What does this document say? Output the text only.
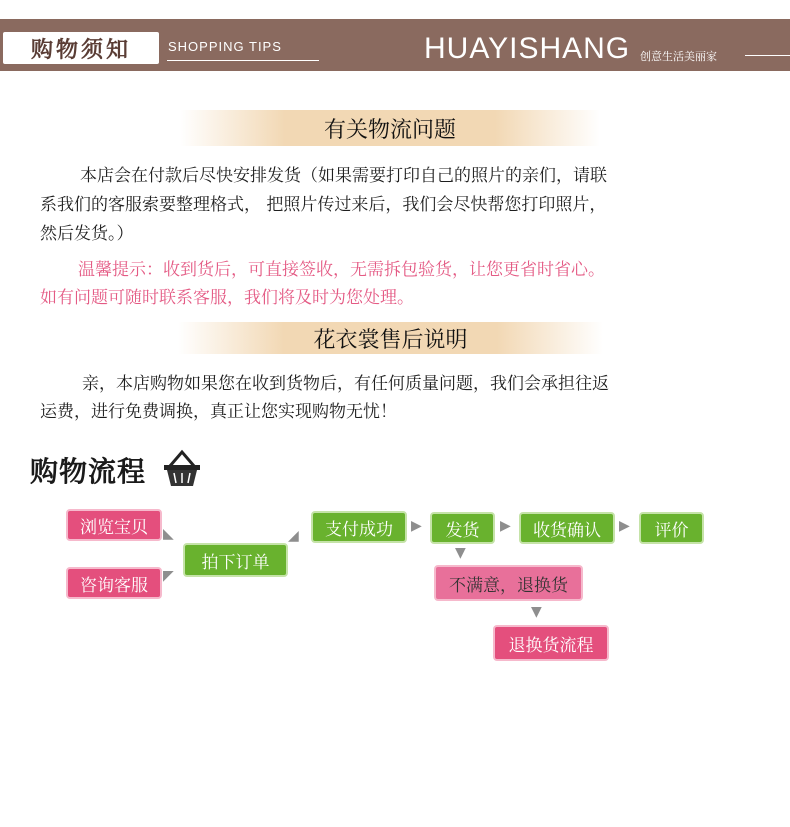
购物须知	SHOPPING TIPS	HUAYISHANG 创意生活美丽家
有关物流问题
本店会在付款后尽快安排发货（如果需要打印自己的照片的亲们，请联
系我们的客服索要整理格式， 把照片传过来后，我们会尽快帮您打印照片，
然后发货。）
温馨提示：收到货后，可直接签收，无需拆包验货，让您更省时省心。
如有问题可随时联系客服，我们将及时为您处理。
花衣裳售后说明
亲，本店购物如果您在收到货物后，有任何质量问题，我们会承担往返
运费，进行免费调换，真正让您实现购物无忧！
购物流程
浏览宝贝
咨询客服
拍下订单
支付成功	发货	收货确认	评价
不满意，退换货
退换货流程
◣
◤
◢
▶	▶	▶
▼
▼
